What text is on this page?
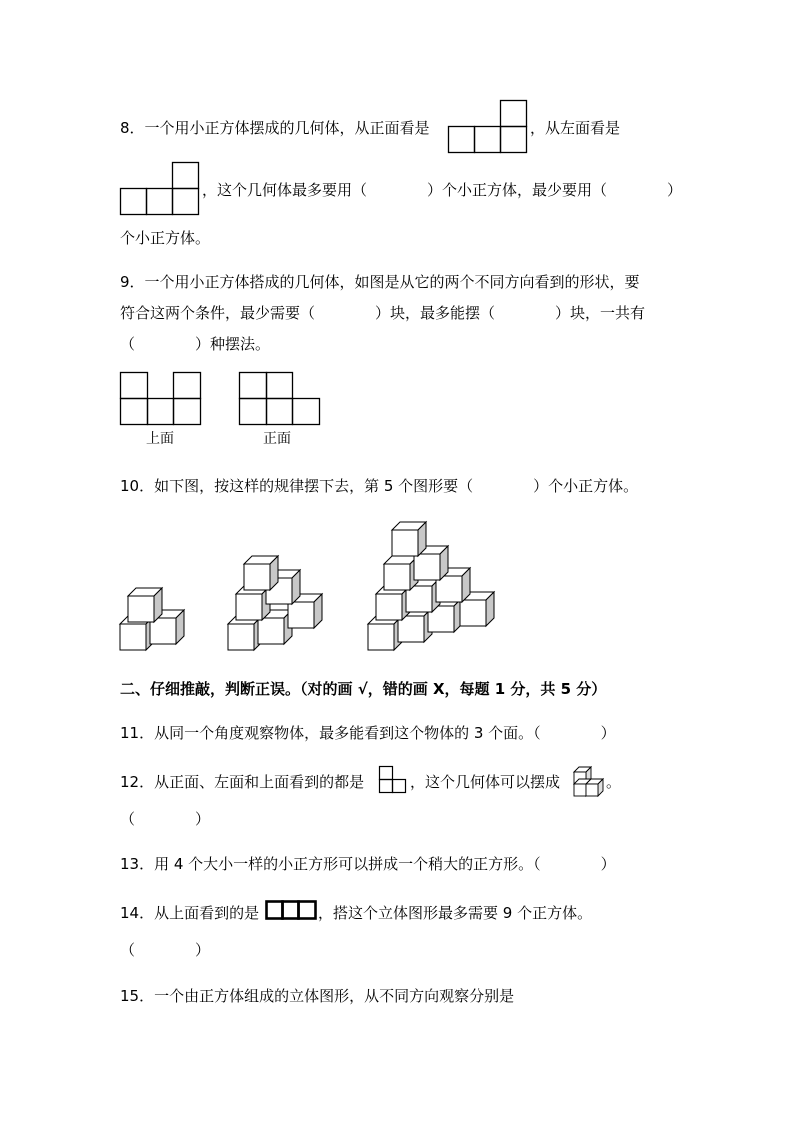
8．一个用小正方体摆成的几何体，从正面看是	，从左面看是
，这个几何体最多要用（　　　　）个小正方体，最少要用（　　　　）
个小正方体。
9．一个用小正方体搭成的几何体，如图是从它的两个不同方向看到的形状，要
符合这两个条件，最少需要（　　　　）块，最多能摆（　　　　）块，一共有
（　　　　）种摆法。
上面	正面
10．如下图，按这样的规律摆下去，第 5 个图形要（　　　　）个小正方体。
二、仔细推敲，判断正误。（对的画 √，错的画 X，每题 1 分，共 5 分）
11．从同一个角度观察物体，最多能看到这个物体的 3 个面。（　　　　）
12．从正面、左面和上面看到的都是	，这个几何体可以摆成	。
（　　　　）
13．用 4 个大小一样的小正方形可以拼成一个稍大的正方形。（　　　　）
14．从上面看到的是	，搭这个立体图形最多需要 9 个正方体。
（　　　　）
15．一个由正方体组成的立体图形，从不同方向观察分别是
